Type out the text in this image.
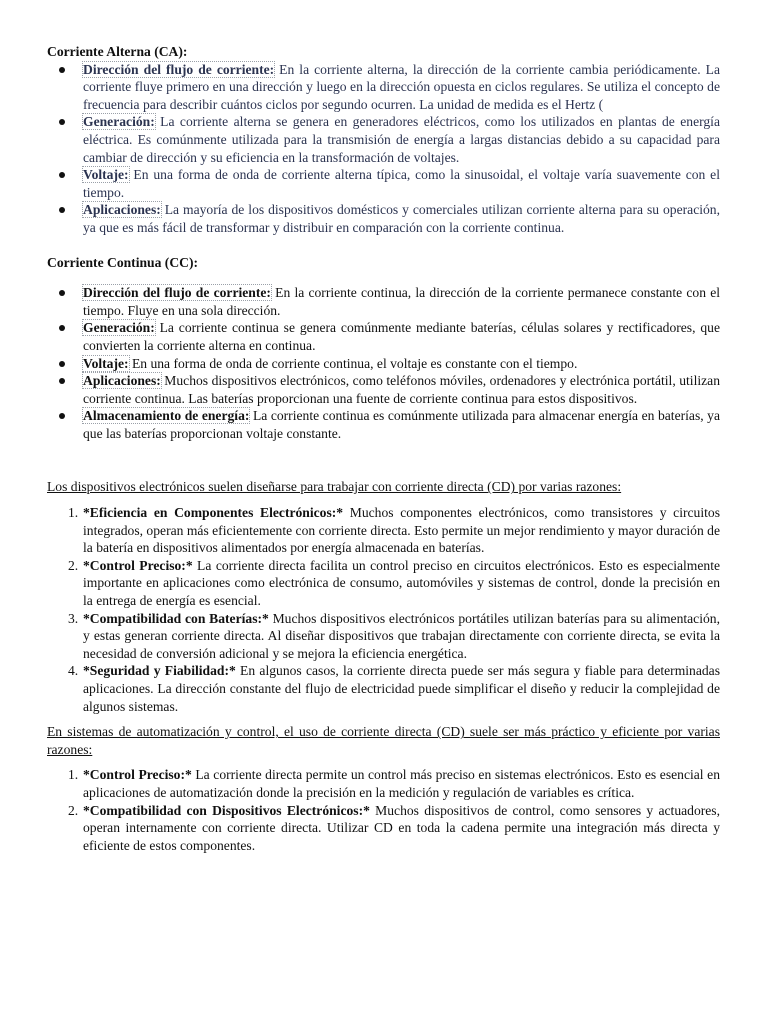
Corriente Alterna (CA):
Dirección del flujo de corriente: En la corriente alterna, la dirección de la corriente cambia periódicamente. La corriente fluye primero en una dirección y luego en la dirección opuesta en ciclos regulares. Se utiliza el concepto de frecuencia para describir cuántos ciclos por segundo ocurren. La unidad de medida es el Hertz (
Generación: La corriente alterna se genera en generadores eléctricos, como los utilizados en plantas de energía eléctrica. Es comúnmente utilizada para la transmisión de energía a largas distancias debido a su capacidad para cambiar de dirección y su eficiencia en la transformación de voltajes.
Voltaje: En una forma de onda de corriente alterna típica, como la sinusoidal, el voltaje varía suavemente con el tiempo.
Aplicaciones: La mayoría de los dispositivos domésticos y comerciales utilizan corriente alterna para su operación, ya que es más fácil de transformar y distribuir en comparación con la corriente continua.
Corriente Continua (CC):
Dirección del flujo de corriente: En la corriente continua, la dirección de la corriente permanece constante con el tiempo. Fluye en una sola dirección.
Generación: La corriente continua se genera comúnmente mediante baterías, células solares y rectificadores, que convierten la corriente alterna en continua.
Voltaje: En una forma de onda de corriente continua, el voltaje es constante con el tiempo.
Aplicaciones: Muchos dispositivos electrónicos, como teléfonos móviles, ordenadores y electrónica portátil, utilizan corriente continua. Las baterías proporcionan una fuente de corriente continua para estos dispositivos.
Almacenamiento de energía: La corriente continua es comúnmente utilizada para almacenar energía en baterías, ya que las baterías proporcionan voltaje constante.

Los dispositivos electrónicos suelen diseñarse para trabajar con corriente directa (CD) por varias razones:

1. *Eficiencia en Componentes Electrónicos:* Muchos componentes electrónicos, como transistores y circuitos integrados, operan más eficientemente con corriente directa. Esto permite un mejor rendimiento y mayor duración de la batería en dispositivos alimentados por energía almacenada en baterías.
2. *Control Preciso:* La corriente directa facilita un control preciso en circuitos electrónicos. Esto es especialmente importante en aplicaciones como electrónica de consumo, automóviles y sistemas de control, donde la precisión en la entrega de energía es esencial.
3. *Compatibilidad con Baterías:* Muchos dispositivos electrónicos portátiles utilizan baterías para su alimentación, y estas generan corriente directa. Al diseñar dispositivos que trabajan directamente con corriente directa, se evita la necesidad de conversión adicional y se mejora la eficiencia energética.
4. *Seguridad y Fiabilidad:* En algunos casos, la corriente directa puede ser más segura y fiable para determinadas aplicaciones. La dirección constante del flujo de electricidad puede simplificar el diseño y reducir la complejidad de algunos sistemas.

En sistemas de automatización y control, el uso de corriente directa (CD) suele ser más práctico y eficiente por varias razones:

1. *Control Preciso:* La corriente directa permite un control más preciso en sistemas electrónicos. Esto es esencial en aplicaciones de automatización donde la precisión en la medición y regulación de variables es crítica.
2. *Compatibilidad con Dispositivos Electrónicos:* Muchos dispositivos de control, como sensores y actuadores, operan internamente con corriente directa. Utilizar CD en toda la cadena permite una integración más directa y eficiente de estos componentes.
